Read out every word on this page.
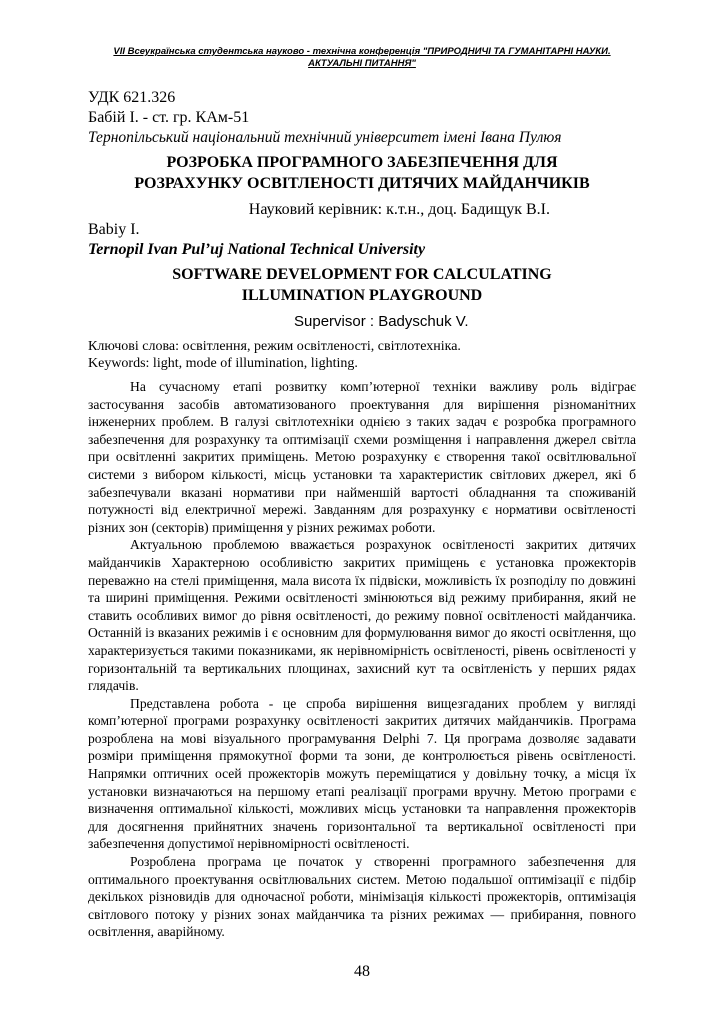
VII Всеукраїнська студентська науково - технічна конференція "ПРИРОДНИЧІ ТА ГУМАНІТАРНІ НАУКИ.
АКТУАЛЬНІ ПИТАННЯ"
УДК 621.326
Бабій І. - ст. гр. КАм-51
Тернопільський національний технічний університет імені Івана Пулюя
РОЗРОБКА ПРОГРАМНОГО ЗАБЕЗПЕЧЕННЯ ДЛЯ
РОЗРАХУНКУ ОСВІТЛЕНОСТІ ДИТЯЧИХ МАЙДАНЧИКІВ
Науковий керівник: к.т.н., доц. Бадищук В.І.
Babiy I.
Ternopil Ivan Pul’uj National Technical University
SOFTWARE DEVELOPMENT FOR CALCULATING
ILLUMINATION PLAYGROUND
Supervisor : Badyschuk V.
Ключові слова: освітлення, режим освітленості, світлотехніка.
Keywords: light, mode of illumination, lighting.

На сучасному етапі розвитку комп’ютерної техніки важливу роль відіграє застосування засобів автоматизованого проектування для вирішення різноманітних інженерних проблем. В галузі світлотехніки однією з таких задач є розробка програмного забезпечення для розрахунку та оптимізації схеми розміщення і направлення джерел світла при освітленні закритих приміщень. Метою розрахунку є створення такої освітлювальної системи з вибором кількості, місць установки та характеристик світлових джерел, які б забезпечували вказані нормативи при найменшій вартості обладнання та споживаній потужності від електричної мережі. Завданням для розрахунку є нормативи освітленості різних зон (секторів) приміщення у різних режимах роботи.

Актуальною проблемою вважається розрахунок освітленості закритих дитячих майданчиків Характерною особливістю закритих приміщень є установка прожекторів переважно на стелі приміщення, мала висота їх підвіски, можливість їх розподілу по довжині та ширині приміщення. Режими освітленості змінюються від режиму прибирання, який не ставить особливих вимог до рівня освітленості, до режиму повної освітленості майданчика. Останній із вказаних режимів і є основним для формулювання вимог до якості освітлення, що характеризується такими показниками, як нерівномірність освітленості, рівень освітленості у горизонтальній та вертикальних площинах, захисний кут та освітленість у перших рядах глядачів.

Представлена робота - це спроба вирішення вищезгаданих проблем у вигляді комп’ютерної програми розрахунку освітленості закритих дитячих майданчиків. Програма розроблена на мові візуального програмування Delphi 7. Ця програма дозволяє задавати розміри приміщення прямокутної форми та зони, де контролюється рівень освітленості. Напрямки оптичних осей прожекторів можуть переміщатися у довільну точку, а місця їх установки визначаються на першому етапі реалізації програми вручну. Метою програми є визначення оптимальної кількості, можливих місць установки та направлення прожекторів для досягнення прийнятних значень горизонтальної та вертикальної освітленості при забезпечення допустимої нерівномірності освітленості.

Розроблена програма це початок у створенні програмного забезпечення для оптимального проектування освітлювальних систем. Метою подальшої оптимізації є підбір декількох різновидів для одночасної роботи, мінімізація кількості прожекторів, оптимізація світлового потоку у різних зонах майданчика та різних режимах — прибирання, повного освітлення, аварійному.

48
